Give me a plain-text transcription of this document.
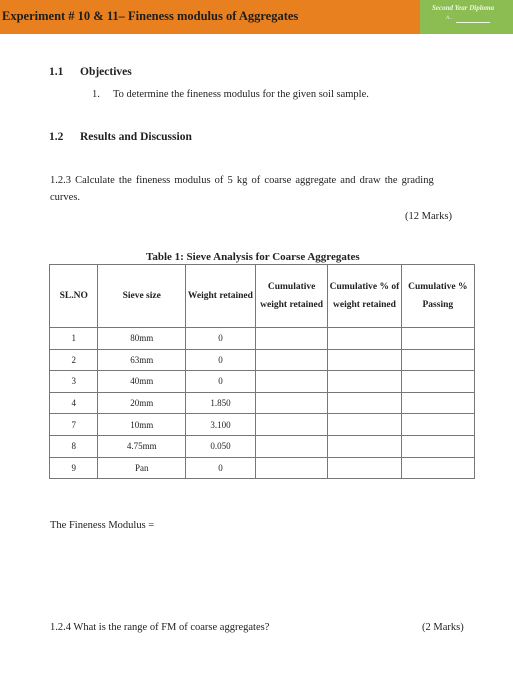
Experiment # 10 & 11– Fineness modulus of Aggregates
Second Year Diploma
A...
1.1 Objectives
1. To determine the fineness modulus for the given soil sample.
1.2 Results and Discussion
1.2.3 Calculate the fineness modulus of 5 kg of coarse aggregate and draw the grading
curves.
(12 Marks)
Table 1: Sieve Analysis for Coarse Aggregates
SL.NO	Sieve size	Weight retained	Cumulative weight retained	Cumulative % of weight retained	Cumulative % Passing
1	80mm	0			
2	63mm	0			
3	40mm	0			
4	20mm	1.850			
7	10mm	3.100			
8	4.75mm	0.050			
9	Pan	0			
The Fineness Modulus =
1.2.4 What is the range of FM of coarse aggregates?	(2 Marks)
